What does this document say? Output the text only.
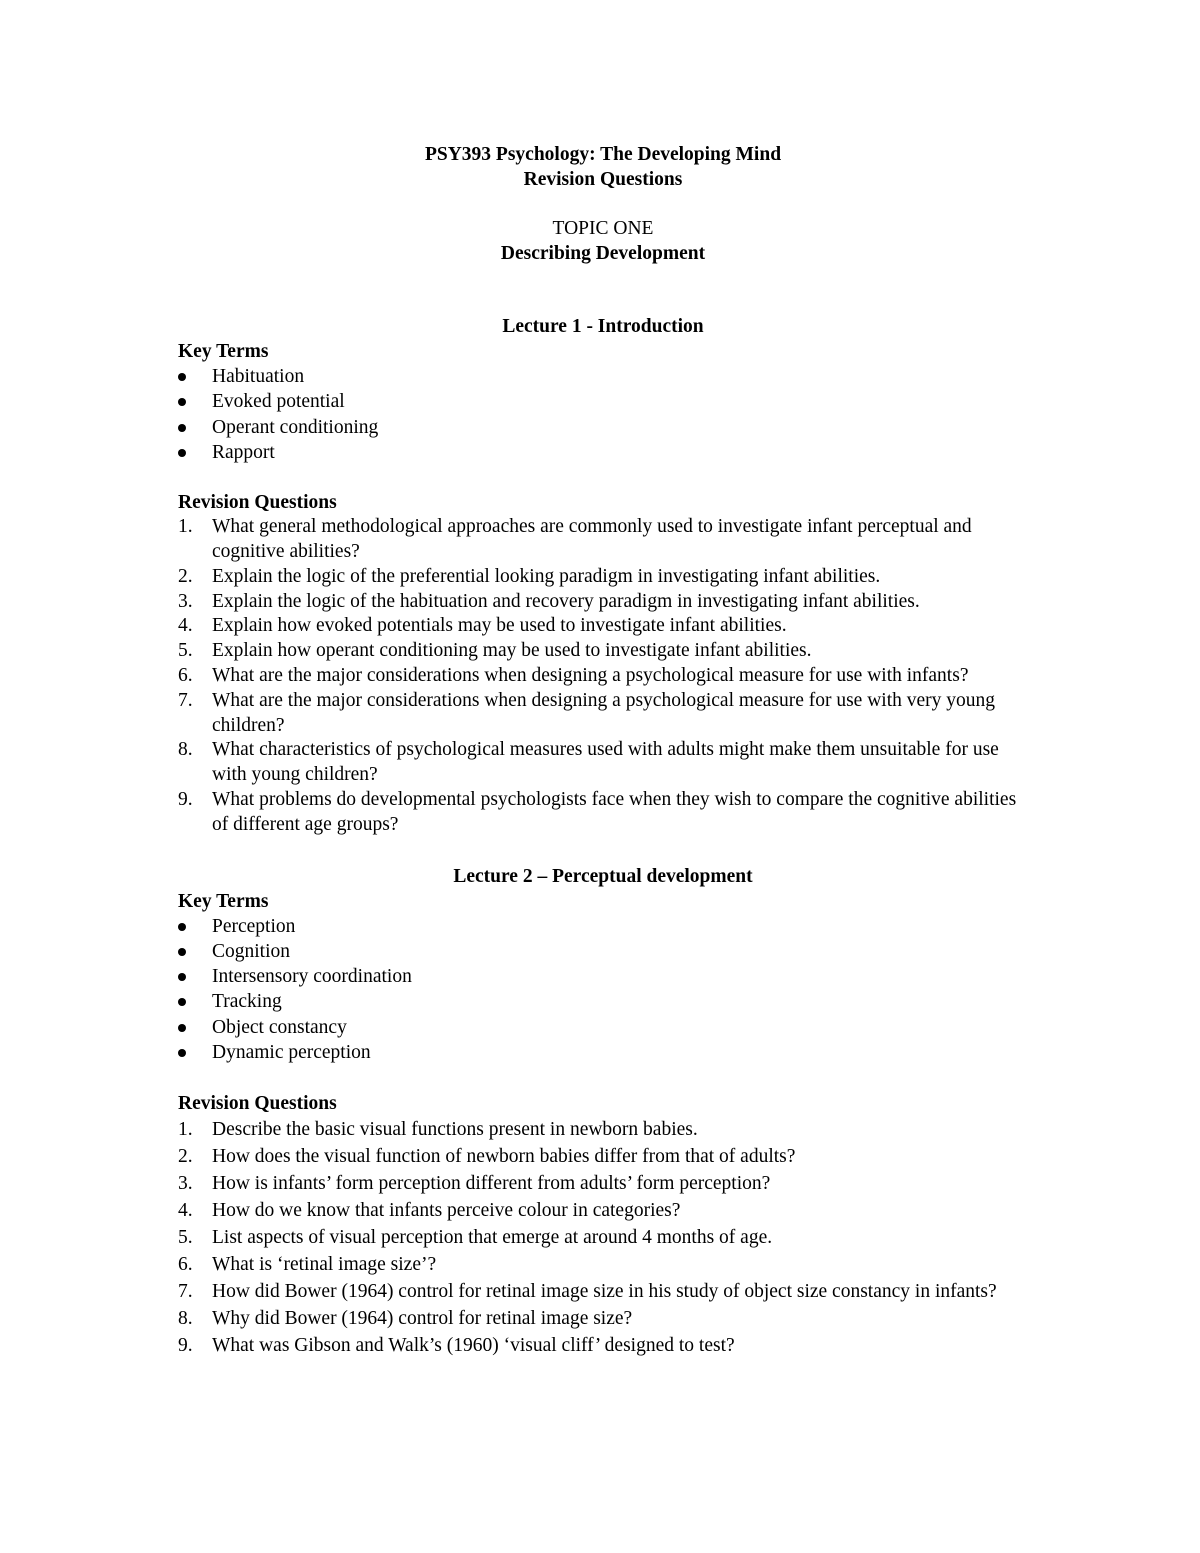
PSY393 Psychology: The Developing Mind

Revision Questions

TOPIC ONE

Describing Development

Lecture 1 - Introduction

Key Terms

Habituation
Evoked potential
Operant conditioning
Rapport

Revision Questions

1. What general methodological approaches are commonly used to investigate infant perceptual and cognitive abilities?
2. Explain the logic of the preferential looking paradigm in investigating infant abilities.
3. Explain the logic of the habituation and recovery paradigm in investigating infant abilities.
4. Explain how evoked potentials may be used to investigate infant abilities.
5. Explain how operant conditioning may be used to investigate infant abilities.
6. What are the major considerations when designing a psychological measure for use with infants?
7. What are the major considerations when designing a psychological measure for use with very young children?
8. What characteristics of psychological measures used with adults might make them unsuitable for use with young children?
9. What problems do developmental psychologists face when they wish to compare the cognitive abilities of different age groups?

Lecture 2 – Perceptual development

Key Terms

Perception
Cognition
Intersensory coordination
Tracking
Object constancy
Dynamic perception

Revision Questions

1. Describe the basic visual functions present in newborn babies.
2. How does the visual function of newborn babies differ from that of adults?
3. How is infants’ form perception different from adults’ form perception?
4. How do we know that infants perceive colour in categories?
5. List aspects of visual perception that emerge at around 4 months of age.
6. What is ‘retinal image size’?
7. How did Bower (1964) control for retinal image size in his study of object size constancy in infants?
8. Why did Bower (1964) control for retinal image size?
9. What was Gibson and Walk’s (1960) ‘visual cliff’ designed to test?
